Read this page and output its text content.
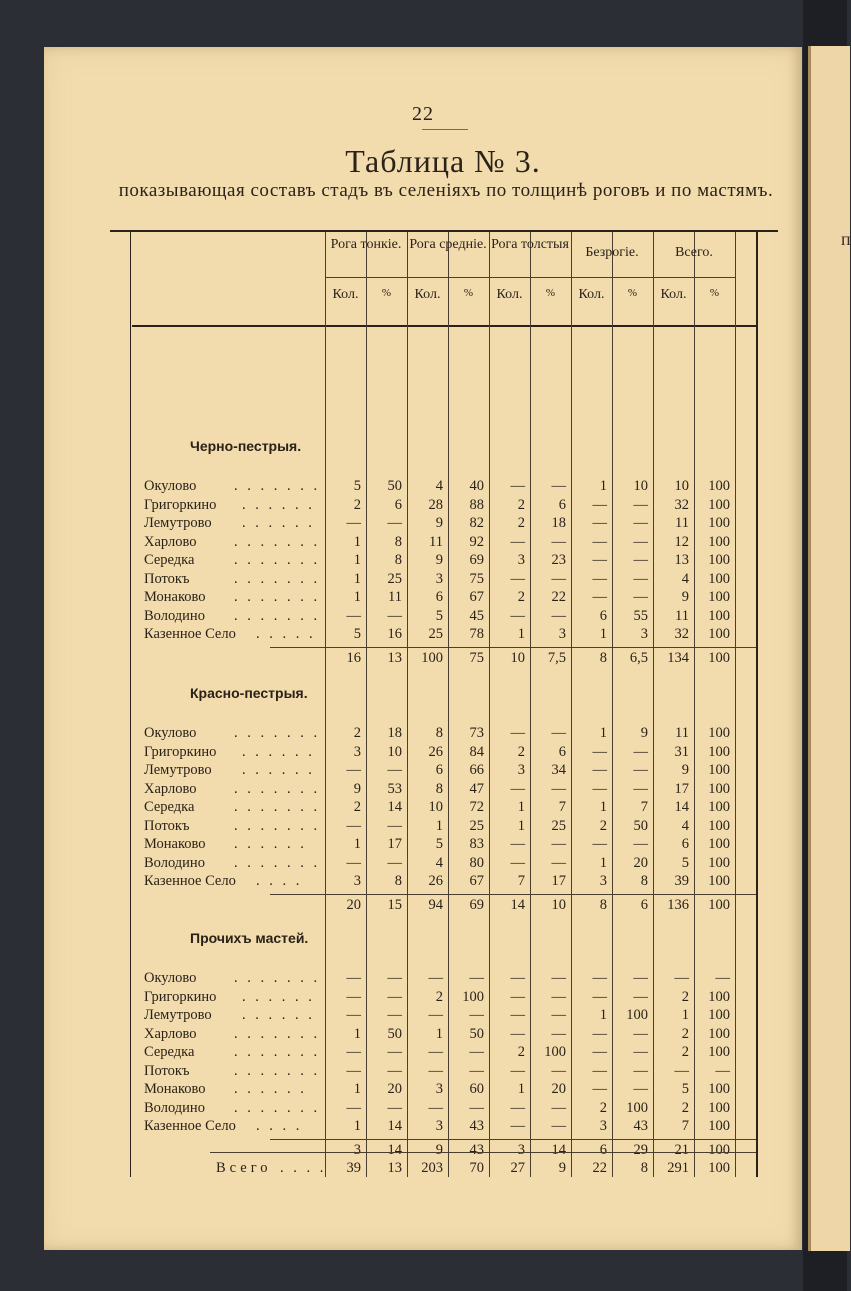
п
22
Таблица № 3.
показывающая составъ стадъ въ селеніяхъ по толщинѣ роговъ и по мастямъ.
Рога тонкіе.
Кол.	%
Рога средніе.
Кол.	%
Рога толстыя
Кол.	%
Безрогіе.
Кол.	%
Всего.
Кол.	%
Черно-пестрыя.
Окулово	. . . . . . .	5	50	4	40	—	—	1	10	10	100
Григоркино . . . . . .	2	6	28	88	2	6	—	—	32	100
Лемутрово . . . . . .	—	—	9	82	2	18	—	—	11	100
Харлово	. . . . . . .	1	8	11	92	—	—	—	—	12	100
Середка	. . . . . . .	1	8	9	69	3	23	—	—	13	100
Потокъ	. . . . . . .	1	25	3	75	—	—	—	—	4	100
Монаково . . . . . . .	1	11	6	67	2	22	—	—	9	100
Володино . . . . . . .	—	—	5	45	—	—	6	55	11	100
Казенное Село . . . . .	5	16	25	78	1	3	1	3	32	100
16	13	100	75	10	7,5	8	6,5	134	100
Красно-пестрыя.
Окулово	. . . . . . .	2	18	8	73	—	—	1	9	11	100
Григоркино . . . . . .	3	10	26	84	2	6	—	—	31	100
Лемутрово . . . . . .	—	—	6	66	3	34	—	—	9	100
Харлово	. . . . . . .	9	53	8	47	—	—	—	—	17	100
Середка	. . . . . . .	2	14	10	72	1	7	1	7	14	100
Потокъ	. . . . . . .	—	—	1	25	1	25	2	50	4	100
Монаково . . . . . .	1	17	5	83	—	—	—	—	6	100
Володино . . . . . . .	—	—	4	80	—	—	1	20	5	100
Казенное Село . . . .	3	8	26	67	7	17	3	8	39	100
20	15	94	69	14	10	8	6	136	100
Прочихъ мастей.
Окулово	. . . . . . .	—	—	—	—	—	—	—	—	—	—
Григоркино . . . . . .	—	—	2	100	—	—	—	—	2	100
Лемутрово . . . . . .	—	—	—	—	—	—	1	100	1	100
Харлово	. . . . . . .	1	50	1	50	—	—	—	—	2	100
Середка	. . . . . . .	—	—	—	—	2	100	—	—	2	100
Потокъ	. . . . . . .	—	—	—	—	—	—	—	—	—	—
Монаково . . . . . .	1	20	3	60	1	20	—	—	5	100
Володино . . . . . . .	—	—	—	—	—	—	2	100	2	100
Казенное Село . . . .	1	14	3	43	—	—	3	43	7	100
3	14	9	43	3	14	6	29	21	100
Всего . . . .	39	13	203	70	27	9	22	8	291	100
